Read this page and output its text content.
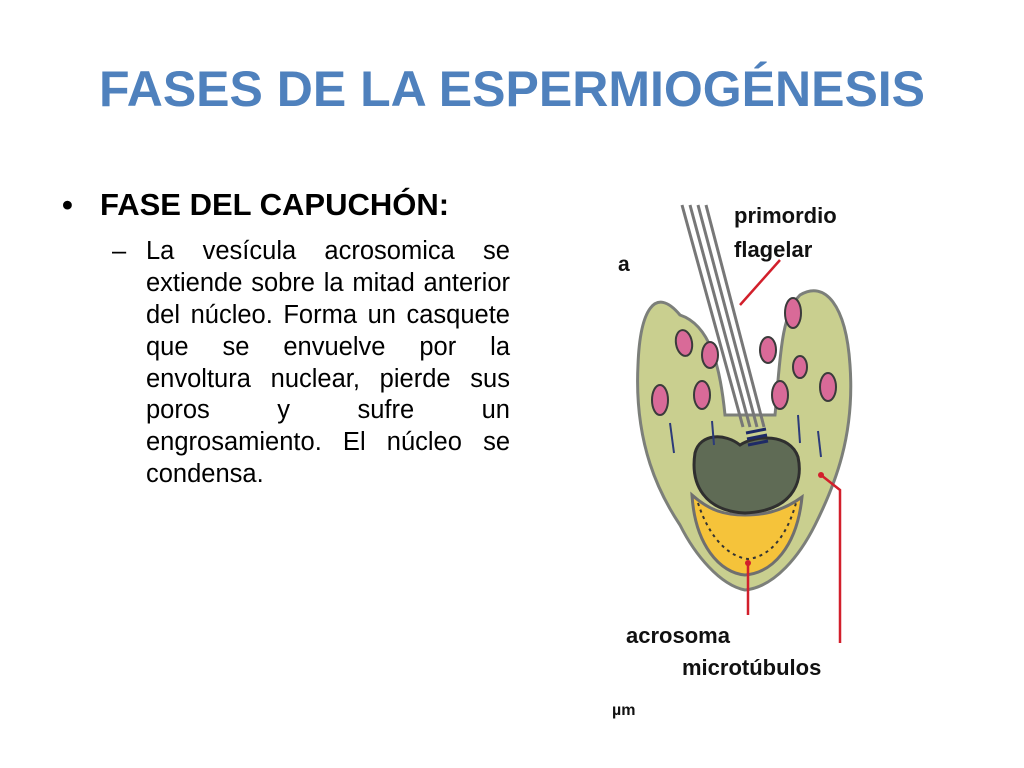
FASES DE LA ESPERMIOGÉNESIS
• FASE DEL CAPUCHÓN:
– La vesícula acrosomica se extiende sobre la mitad anterior del núcleo. Forma un casquete que se envuelve por la envoltura nuclear, pierde sus poros y sufre un engrosamiento. El núcleo se condensa.
a
primordio
flagelar
acrosoma
microtúbulos
µm
